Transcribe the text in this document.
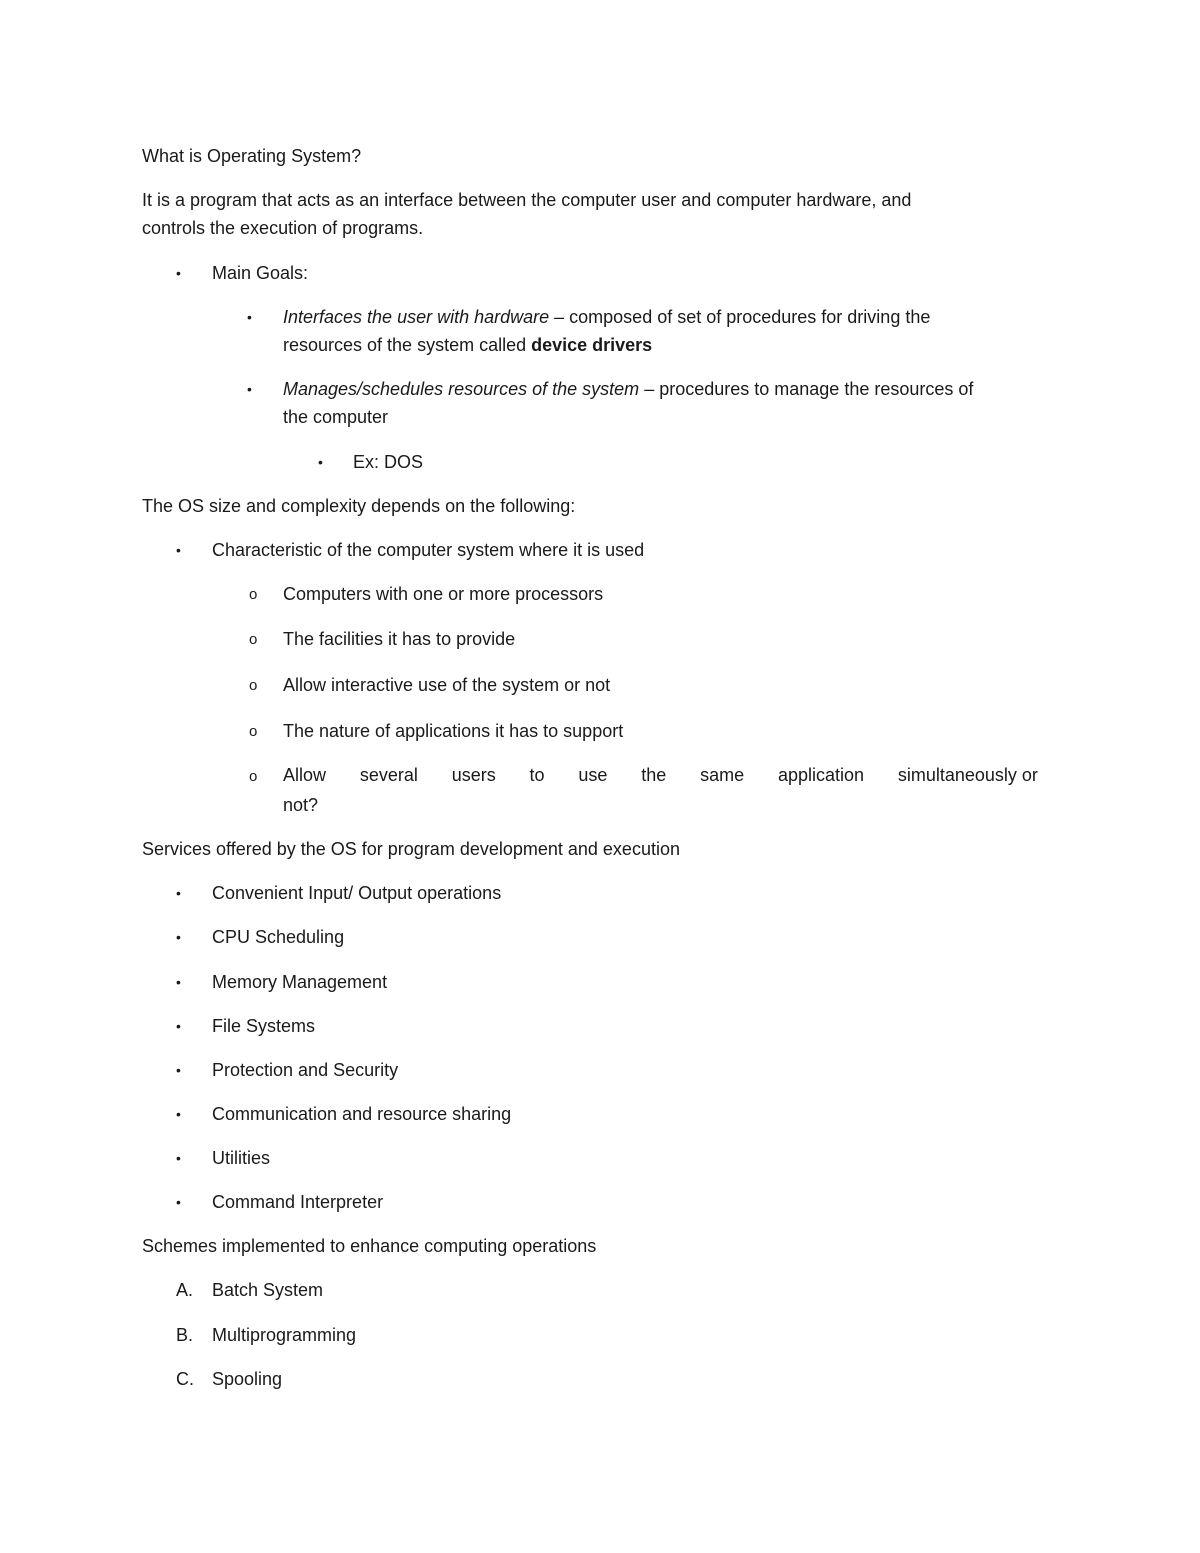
What is Operating System?
It is a program that acts as an interface between the computer user and computer hardware, and
controls the execution of programs.
• Main Goals:
• Interfaces the user with hardware – composed of set of procedures for driving the
resources of the system called device drivers
• Manages/schedules resources of the system – procedures to manage the resources of
the computer
• Ex: DOS
The OS size and complexity depends on the following:
• Characteristic of the computer system where it is used
o Computers with one or more processors
o The facilities it has to provide
o Allow interactive use of the system or not
o The nature of applications it has to support
o Allow several users to use the same application simultaneously or
not?
Services offered by the OS for program development and execution
• Convenient Input/ Output operations
• CPU Scheduling
• Memory Management
• File Systems
• Protection and Security
• Communication and resource sharing
• Utilities
• Command Interpreter
Schemes implemented to enhance computing operations
A. Batch System
B. Multiprogramming
C. Spooling
